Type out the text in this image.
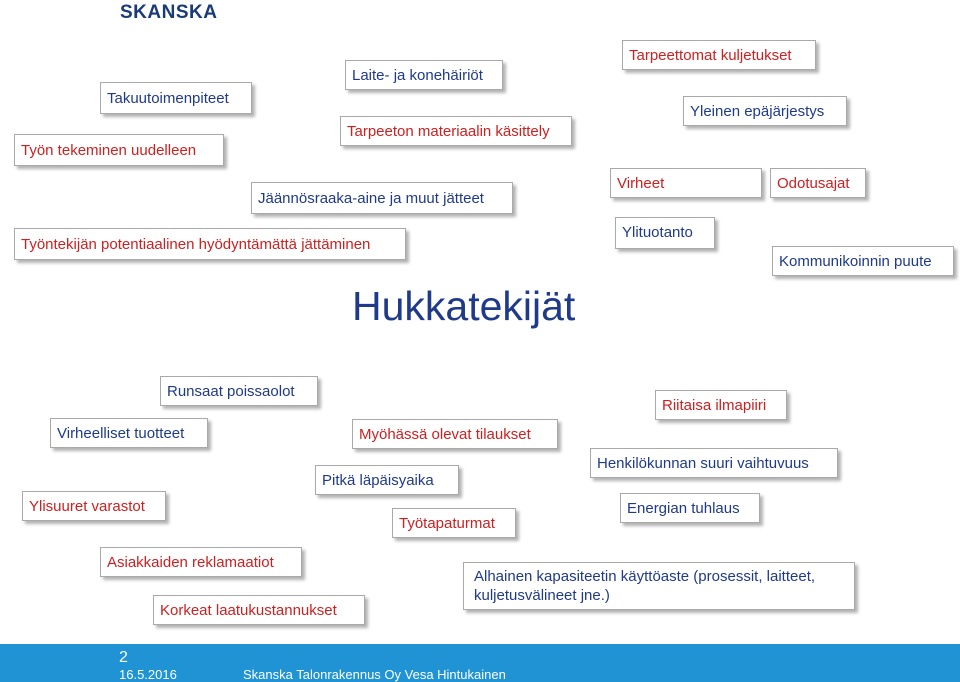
SKANSKA
Takuutoimenpiteet
Työn tekeminen uudelleen
Laite- ja konehäiriöt
Tarpeeton materiaalin käsittely
Tarpeettomat kuljetukset
Yleinen epäjärjestys
Jäännösraaka-aine ja muut jätteet
Virheet	Odotusajat
Työntekijän potentiaalinen hyödyntämättä jättäminen
Ylituotanto
Kommunikoinnin puute
Hukkatekijät
Runsaat poissaolot
Riitaisa ilmapiiri
Virheelliset tuotteet	Myöhässä olevat tilaukset
Henkilökunnan suuri vaihtuvuus
Pitkä läpäisyaika
Ylisuuret varastot	Energian tuhlaus
Työtapaturmat
Asiakkaiden reklamaatiot
Alhainen kapasiteetin käyttöaste (prosessit, laitteet, kuljetusvälineet jne.)
Korkeat laatukustannukset
2
16.5.2016	Skanska Talonrakennus Oy Vesa Hintukainen
